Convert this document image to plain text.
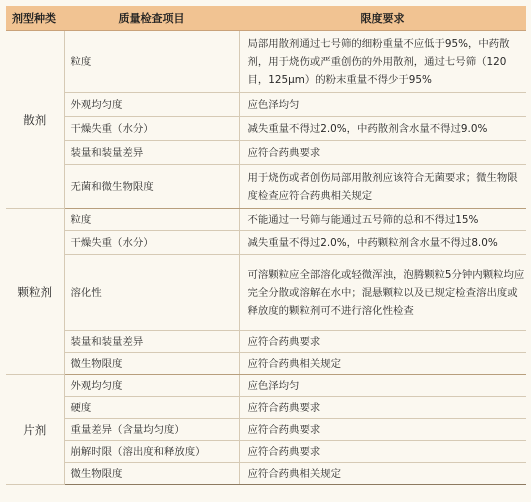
剂型种类	质量检查项目	限度要求
散剂	粒度	局部用散剂通过七号筛的细粉重量不应低于95%，中药散剂，用于烧伤或严重创伤的外用散剂，通过七号筛（120目，125μm）的粉末重量不得少于95%
	外观均匀度	应色泽均匀
	干燥失重（水分）	减失重量不得过2.0%，中药散剂含水量不得过9.0%
	装量和装量差异	应符合药典要求
	无菌和微生物限度	用于烧伤或者创伤局部用散剂应该符合无菌要求；微生物限度检查应符合药典相关规定
颗粒剂	粒度	不能通过一号筛与能通过五号筛的总和不得过15%
	干燥失重（水分）	减失重量不得过2.0%，中药颗粒剂含水量不得过8.0%
	溶化性	可溶颗粒应全部溶化或轻微浑浊，泡腾颗粒5分钟内颗粒均应完全分散或溶解在水中；混悬颗粒以及已规定检查溶出度或释放度的颗粒剂可不进行溶化性检查
	装量和装量差异	应符合药典要求
	微生物限度	应符合药典相关规定
片剂	外观均匀度	应色泽均匀
	硬度	应符合药典要求
	重量差异（含量均匀度）	应符合药典要求
	崩解时限（溶出度和释放度）	应符合药典要求
	微生物限度	应符合药典相关规定
